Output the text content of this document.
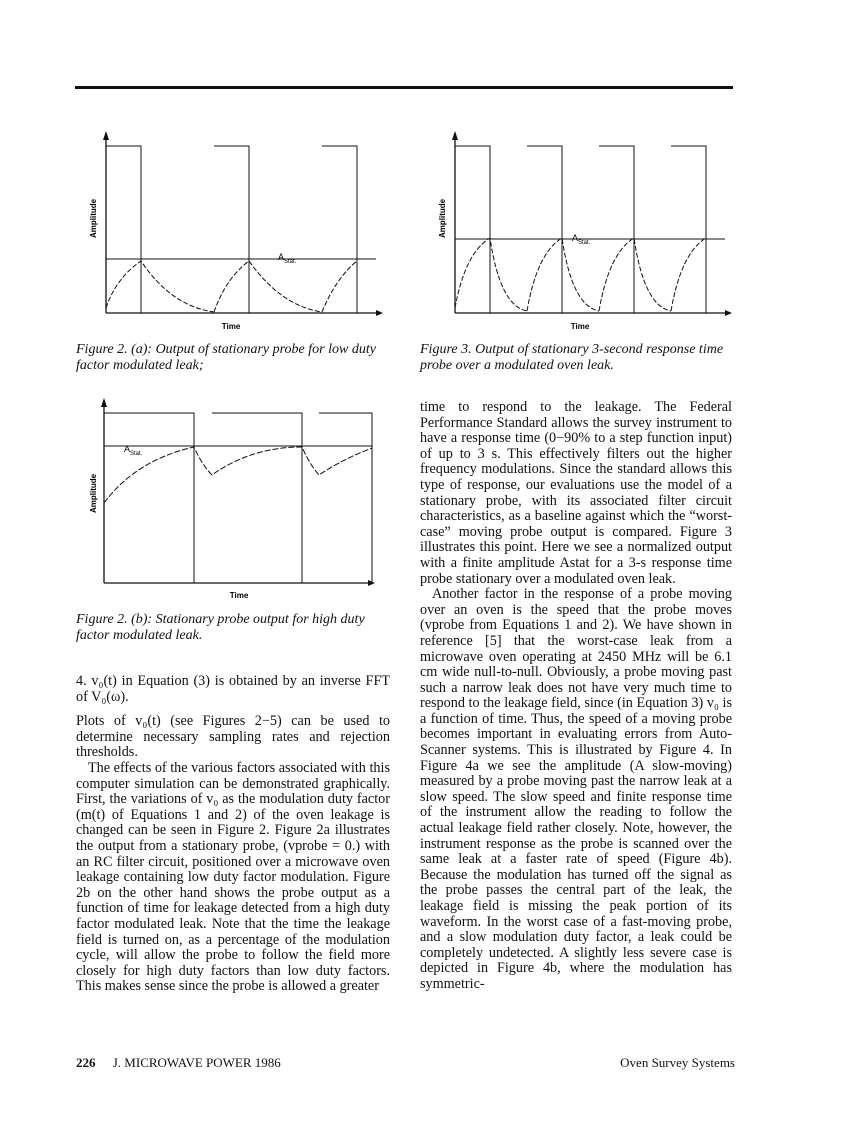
$A_{Stat.}$
Amplitude
Time
Figure 2. (a): Output of stationary probe for low duty factor modulated leak;
$A_{Stat.}$
Amplitude
Time
Figure 3. Output of stationary 3-second response time probe over a modulated oven leak.
$A_{Stat.}$
Amplitude
Time
Figure 2. (b): Stationary probe output for high duty factor modulated leak.

4. v₀(t) in Equation (3) is obtained by an inverse FFT of V₀(ω).

Plots of v₀(t) (see Figures 2−5) can be used to determine necessary sampling rates and rejection thresholds.

The effects of the various factors associated with this computer simulation can be demonstrated graphically. First, the variations of v₀ as the modulation duty factor (m(t) of Equations 1 and 2) of the oven leakage is changed can be seen in Figure 2. Figure 2a illustrates the output from a stationary probe, (vprobe = 0.) with an RC filter circuit, positioned over a microwave oven leakage containing low duty factor modulation. Figure 2b on the other hand shows the probe output as a function of time for leakage detected from a high duty factor modulated leak. Note that the time the leakage field is turned on, as a percentage of the modulation cycle, will allow the probe to follow the field more closely for high duty factors than low duty factors. This makes sense since the probe is allowed a greater

time to respond to the leakage. The Federal Performance Standard allows the survey instrument to have a response time (0−90% to a step function input) of up to 3 s. This effectively filters out the higher frequency modulations. Since the standard allows this type of response, our evaluations use the model of a stationary probe, with its associated filter circuit characteristics, as a baseline against which the “worst-case” moving probe output is compared. Figure 3 illustrates this point. Here we see a normalized output with a finite amplitude Astat for a 3-s response time probe stationary over a modulated oven leak.

Another factor in the response of a probe moving over an oven is the speed that the probe moves (vprobe from Equations 1 and 2). We have shown in reference [5] that the worst-case leak from a microwave oven operating at 2450 MHz will be 6.1 cm wide null-to-null. Obviously, a probe moving past such a narrow leak does not have very much time to respond to the leakage field, since (in Equation 3) v₀ is a function of time. Thus, the speed of a moving probe becomes important in evaluating errors from Auto-Scanner systems. This is illustrated by Figure 4. In Figure 4a we see the amplitude (A slow-moving) measured by a probe moving past the narrow leak at a slow speed. The slow speed and finite response time of the instrument allow the reading to follow the actual leakage field rather closely. Note, however, the instrument response as the probe is scanned over the same leak at a faster rate of speed (Figure 4b). Because the modulation has turned off the signal as the probe passes the central part of the leak, the leakage field is missing the peak portion of its waveform. In the worst case of a fast-moving probe, and a slow modulation duty factor, a leak could be completely undetected. A slightly less severe case is depicted in Figure 4b, where the modulation has symmetric-

226 J. MICROWAVE POWER 1986	Oven Survey Systems
